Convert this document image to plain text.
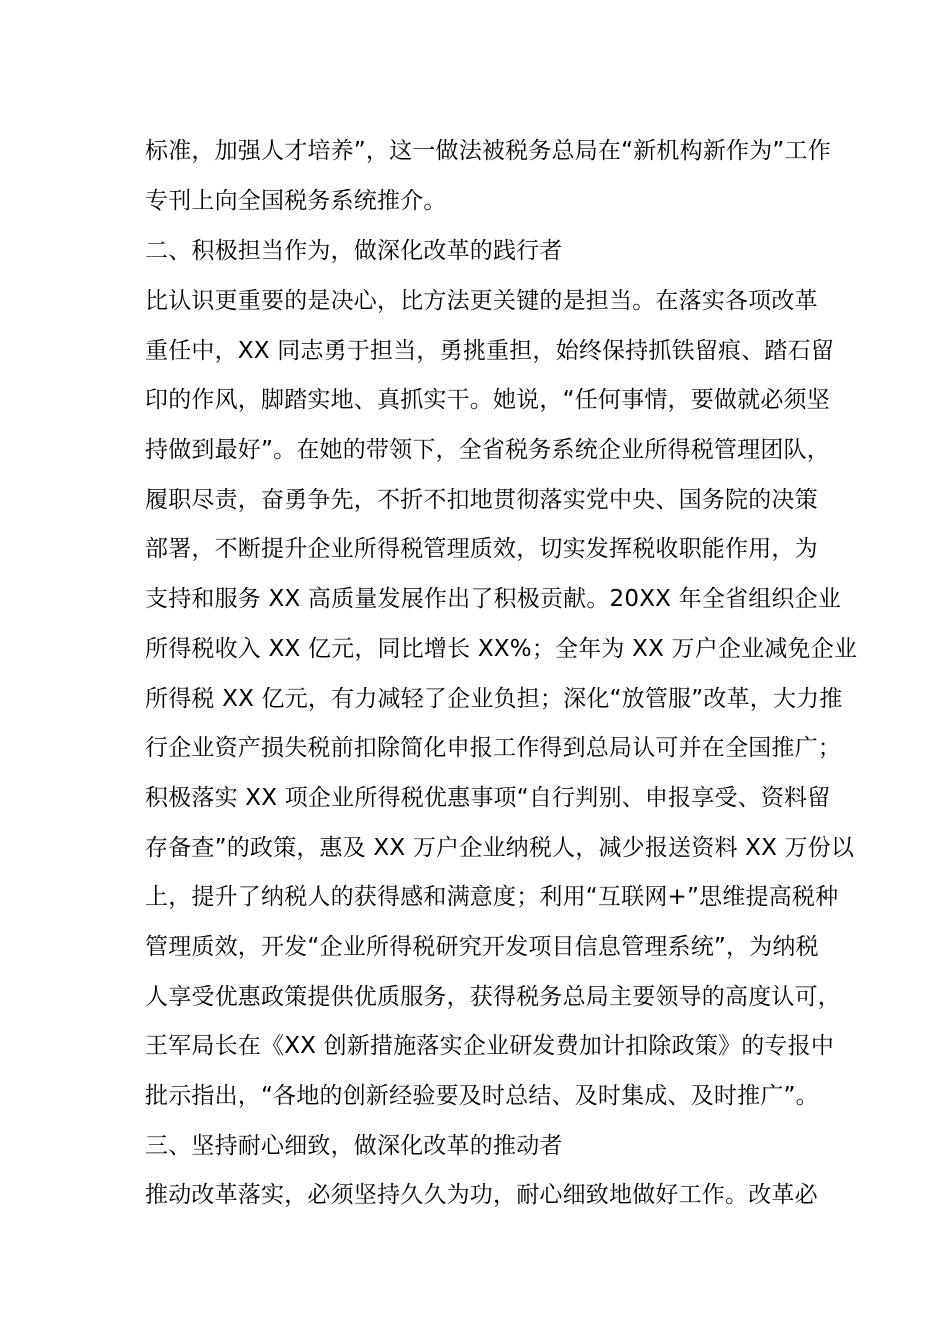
标准，加强人才培养”，这一做法被税务总局在“新机构新作为”工作
专刊上向全国税务系统推介。
二、积极担当作为，做深化改革的践行者
比认识更重要的是决心，比方法更关键的是担当。在落实各项改革
重任中，XX 同志勇于担当，勇挑重担，始终保持抓铁留痕、踏石留
印的作风，脚踏实地、真抓实干。她说，“任何事情，要做就必须坚
持做到最好”。在她的带领下，全省税务系统企业所得税管理团队，
履职尽责，奋勇争先，不折不扣地贯彻落实党中央、国务院的决策
部署，不断提升企业所得税管理质效，切实发挥税收职能作用，为
支持和服务 XX 高质量发展作出了积极贡献。20XX 年全省组织企业
所得税收入 XX 亿元，同比增长 XX%；全年为 XX 万户企业减免企业
所得税 XX 亿元，有力减轻了企业负担；深化“放管服”改革，大力推
行企业资产损失税前扣除简化申报工作得到总局认可并在全国推广；
积极落实 XX 项企业所得税优惠事项“自行判别、申报享受、资料留
存备查”的政策，惠及 XX 万户企业纳税人，减少报送资料 XX 万份以
上，提升了纳税人的获得感和满意度；利用“互联网+”思维提高税种
管理质效，开发“企业所得税研究开发项目信息管理系统”，为纳税
人享受优惠政策提供优质服务，获得税务总局主要领导的高度认可，
王军局长在《XX 创新措施落实企业研发费加计扣除政策》的专报中
批示指出，“各地的创新经验要及时总结、及时集成、及时推广”。
三、坚持耐心细致，做深化改革的推动者
推动改革落实，必须坚持久久为功，耐心细致地做好工作。改革必
